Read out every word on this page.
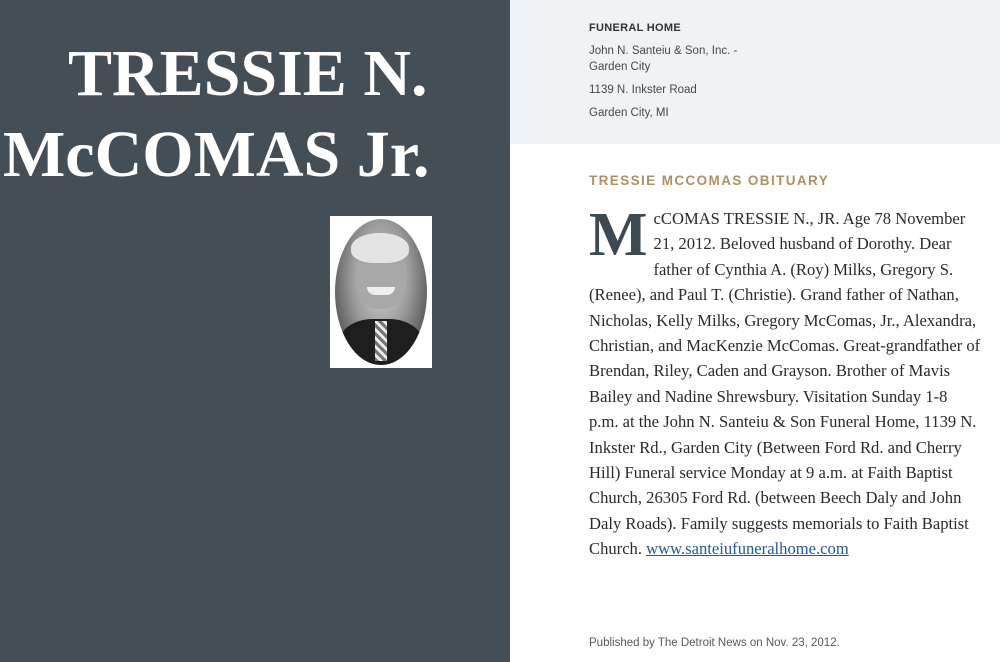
TRESSIE N.
McCOMAS Jr.
FUNERAL HOME
John N. Santeiu & Son, Inc. - Garden City
1139 N. Inkster Road
Garden City, MI
TRESSIE MCCOMAS OBITUARY
McCOMAS TRESSIE N., JR. Age 78 November 21, 2012. Beloved husband of Dorothy. Dear father of Cynthia A. (Roy) Milks, Gregory S. (Renee), and Paul T. (Christie). Grand father of Nathan, Nicholas, Kelly Milks, Gregory McComas, Jr., Alexandra, Christian, and MacKenzie McComas. Great-grandfather of Brendan, Riley, Caden and Grayson. Brother of Mavis Bailey and Nadine Shrewsbury. Visitation Sunday 1-8 p.m. at the John N. Santeiu & Son Funeral Home, 1139 N. Inkster Rd., Garden City (Between Ford Rd. and Cherry Hill) Funeral service Monday at 9 a.m. at Faith Baptist Church, 26305 Ford Rd. (between Beech Daly and John Daly Roads). Family suggests memorials to Faith Baptist Church. www.santeiufuneralhome.com
Published by The Detroit News on Nov. 23, 2012.
